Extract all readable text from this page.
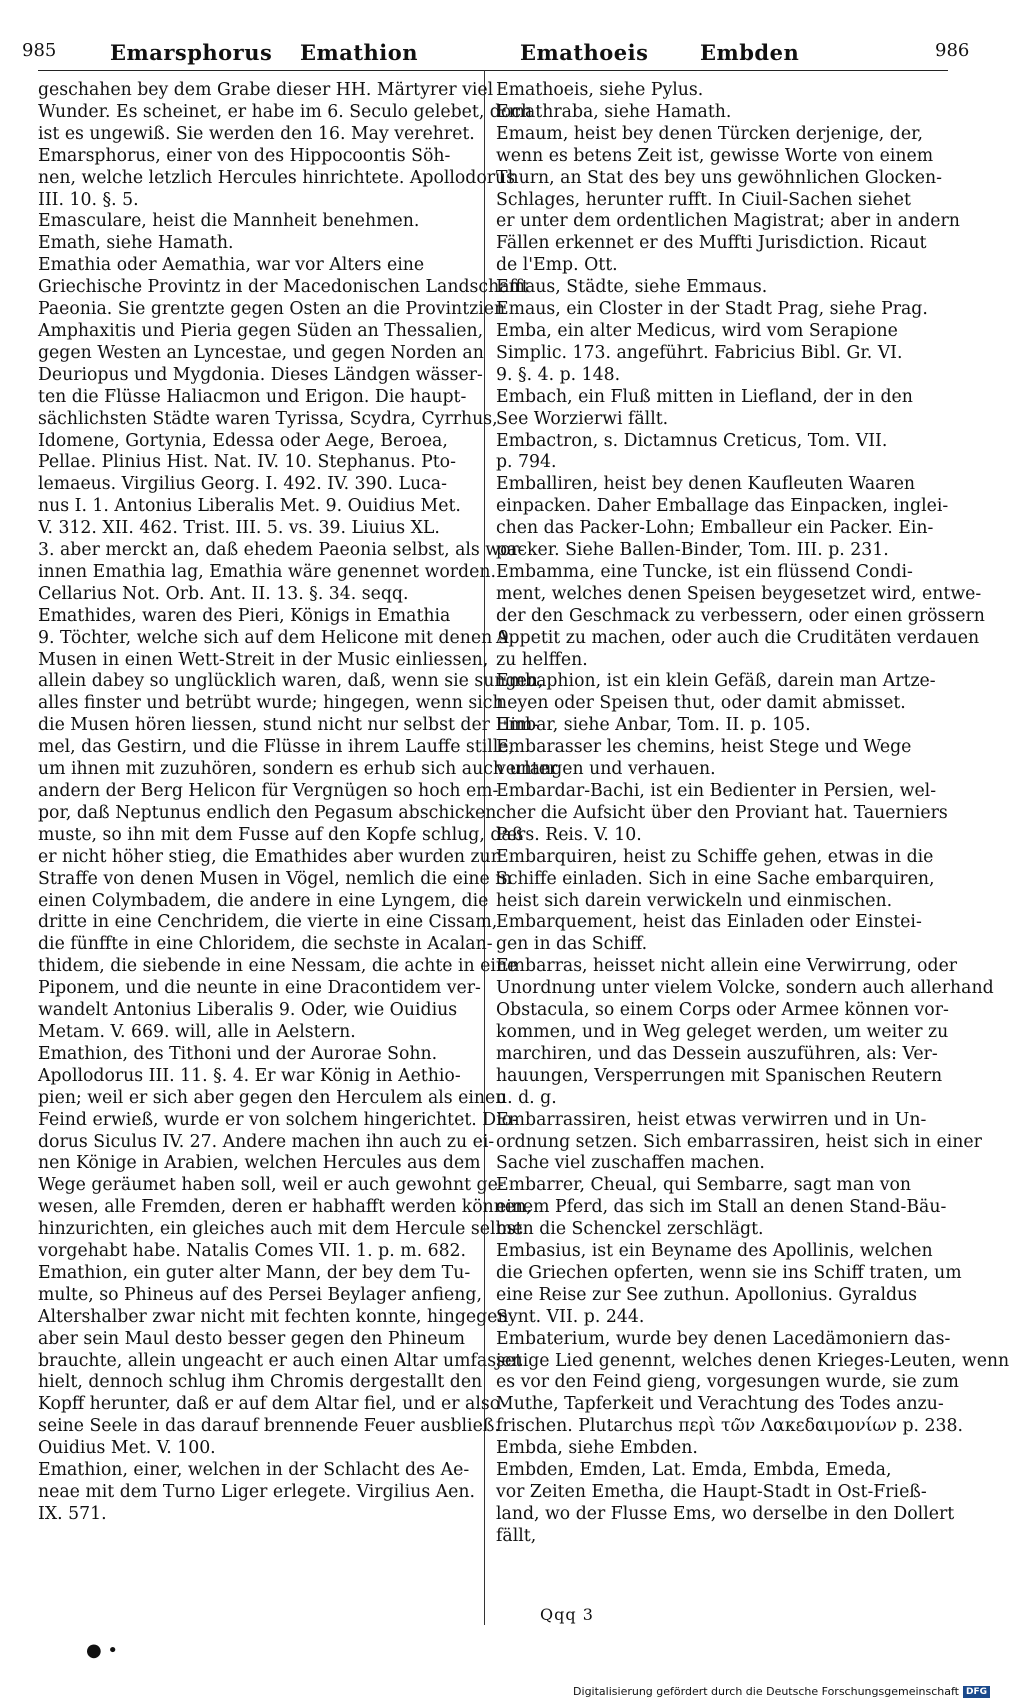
985	Emarsphorus Emathion	Emathoeis Embden	986
geschahen bey dem Grabe dieser HH. Märtyrer viel
Wunder. Es scheinet, er habe im 6. Seculo gelebet, doch
ist es ungewiß. Sie werden den 16. May verehret.
Emarsphorus, einer von des Hippocoontis Söh-
nen, welche letzlich Hercules hinrichtete. Apollodorus
III. 10. §. 5.
Emasculare, heist die Mannheit benehmen.
Emath, siehe Hamath.
Emathia oder Aemathia, war vor Alters eine
Griechische Provintz in der Macedonischen Landschafft
Paeonia. Sie grentzte gegen Osten an die Provintzien
Amphaxitis und Pieria gegen Süden an Thessalien,
gegen Westen an Lyncestae, und gegen Norden an
Deuriopus und Mygdonia. Dieses Ländgen wässer-
ten die Flüsse Haliacmon und Erigon. Die haupt-
sächlichsten Städte waren Tyrissa, Scydra, Cyrrhus,
Idomene, Gortynia, Edessa oder Aege, Beroea,
Pellae. Plinius Hist. Nat. IV. 10. Stephanus. Pto-
lemaeus. Virgilius Georg. I. 492. IV. 390. Luca-
nus I. 1. Antonius Liberalis Met. 9. Ouidius Met.
V. 312. XII. 462. Trist. III. 5. vs. 39. Liuius XL.
3. aber merckt an, daß ehedem Paeonia selbst, als wor-
innen Emathia lag, Emathia wäre genennet worden.
Cellarius Not. Orb. Ant. II. 13. §. 34. seqq.
Emathides, waren des Pieri, Königs in Emathia
9. Töchter, welche sich auf dem Helicone mit denen 9.
Musen in einen Wett-Streit in der Music einliessen,
allein dabey so unglücklich waren, daß, wenn sie sungen,
alles finster und betrübt wurde; hingegen, wenn sich
die Musen hören liessen, stund nicht nur selbst der Him-
mel, das Gestirn, und die Flüsse in ihrem Lauffe stille,
um ihnen mit zuzuhören, sondern es erhub sich auch unter
andern der Berg Helicon für Vergnügen so hoch em-
por, daß Neptunus endlich den Pegasum abschicken
muste, so ihn mit dem Fusse auf den Kopfe schlug, daß
er nicht höher stieg, die Emathides aber wurden zur
Straffe von denen Musen in Vögel, nemlich die eine in
einen Colymbadem, die andere in eine Lyngem, die
dritte in eine Cenchridem, die vierte in eine Cissam,
die fünffte in eine Chloridem, die sechste in Acalan-
thidem, die siebende in eine Nessam, die achte in eine
Piponem, und die neunte in eine Dracontidem ver-
wandelt Antonius Liberalis 9. Oder, wie Ouidius
Metam. V. 669. will, alle in Aelstern.
Emathion, des Tithoni und der Aurorae Sohn.
Apollodorus III. 11. §. 4. Er war König in Aethio-
pien; weil er sich aber gegen den Herculem als einen
Feind erwieß, wurde er von solchem hingerichtet. Dio-
dorus Siculus IV. 27. Andere machen ihn auch zu ei-
nen Könige in Arabien, welchen Hercules aus dem
Wege geräumet haben soll, weil er auch gewohnt ge-
wesen, alle Fremden, deren er habhafft werden können,
hinzurichten, ein gleiches auch mit dem Hercule selbst
vorgehabt habe. Natalis Comes VII. 1. p. m. 682.
Emathion, ein guter alter Mann, der bey dem Tu-
multe, so Phineus auf des Persei Beylager anfieng,
Altershalber zwar nicht mit fechten konnte, hingegen
aber sein Maul desto besser gegen den Phineum
brauchte, allein ungeacht er auch einen Altar umfasset
hielt, dennoch schlug ihm Chromis dergestallt den
Kopff herunter, daß er auf dem Altar fiel, und er also
seine Seele in das darauf brennende Feuer ausbließ.
Ouidius Met. V. 100.
Emathion, einer, welchen in der Schlacht des Ae-
neae mit dem Turno Liger erlegete. Virgilius Aen.
IX. 571.
Emathoeis, siehe Pylus.
Emathraba, siehe Hamath.
Emaum, heist bey denen Türcken derjenige, der,
wenn es betens Zeit ist, gewisse Worte von einem
Thurn, an Stat des bey uns gewöhnlichen Glocken-
Schlages, herunter rufft. In Ciuil-Sachen siehet
er unter dem ordentlichen Magistrat; aber in andern
Fällen erkennet er des Muffti Jurisdiction. Ricaut
de l'Emp. Ott.
Emaus, Städte, siehe Emmaus.
Emaus, ein Closter in der Stadt Prag, siehe Prag.
Emba, ein alter Medicus, wird vom Serapione
Simplic. 173. angeführt. Fabricius Bibl. Gr. VI.
9. §. 4. p. 148.
Embach, ein Fluß mitten in Liefland, der in den
See Worzierwi fällt.
Embactron, s. Dictamnus Creticus, Tom. VII.
p. 794.
Emballiren, heist bey denen Kaufleuten Waaren
einpacken. Daher Emballage das Einpacken, inglei-
chen das Packer-Lohn; Emballeur ein Packer. Ein-
packer. Siehe Ballen-Binder, Tom. III. p. 231.
Embamma, eine Tuncke, ist ein flüssend Condi-
ment, welches denen Speisen beygesetzet wird, entwe-
der den Geschmack zu verbessern, oder einen grössern
Appetit zu machen, oder auch die Cruditäten verdauen
zu helffen.
Embaphion, ist ein klein Gefäß, darein man Artze-
neyen oder Speisen thut, oder damit abmisset.
Embar, siehe Anbar, Tom. II. p. 105.
Embarasser les chemins, heist Stege und Wege
verlangen und verhauen.
Embardar-Bachi, ist ein Bedienter in Persien, wel-
cher die Aufsicht über den Proviant hat. Tauerniers
Pers. Reis. V. 10.
Embarquiren, heist zu Schiffe gehen, etwas in die
Schiffe einladen. Sich in eine Sache embarquiren,
heist sich darein verwickeln und einmischen.
Embarquement, heist das Einladen oder Einstei-
gen in das Schiff.
Embarras, heisset nicht allein eine Verwirrung, oder
Unordnung unter vielem Volcke, sondern auch allerhand
Obstacula, so einem Corps oder Armee können vor-
kommen, und in Weg geleget werden, um weiter zu
marchiren, und das Dessein auszuführen, als: Ver-
hauungen, Versperrungen mit Spanischen Reutern
u. d. g.
Embarrassiren, heist etwas verwirren und in Un-
ordnung setzen. Sich embarrassiren, heist sich in einer
Sache viel zuschaffen machen.
Embarrer, Cheual, qui Sembarre, sagt man von
einem Pferd, das sich im Stall an denen Stand-Bäu-
men die Schenckel zerschlägt.
Embasius, ist ein Beyname des Apollinis, welchen
die Griechen opferten, wenn sie ins Schiff traten, um
eine Reise zur See zuthun. Apollonius. Gyraldus
Synt. VII. p. 244.
Embaterium, wurde bey denen Lacedämoniern das-
jenige Lied genennt, welches denen Krieges-Leuten, wenn
es vor den Feind gieng, vorgesungen wurde, sie zum
Muthe, Tapferkeit und Verachtung des Todes anzu-
frischen. Plutarchus περὶ τῶν Λακεδαιμονίων p. 238.
Embda, siehe Embden.
Embden, Emden, Lat. Emda, Embda, Emeda,
vor Zeiten Emetha, die Haupt-Stadt in Ost-Frieß-
land, wo der Flusse Ems, wo derselbe in den Dollert
fällt,
Qqq 3
● •
Digitalisierung gefördert durch die Deutsche Forschungsgemeinschaft DFG
